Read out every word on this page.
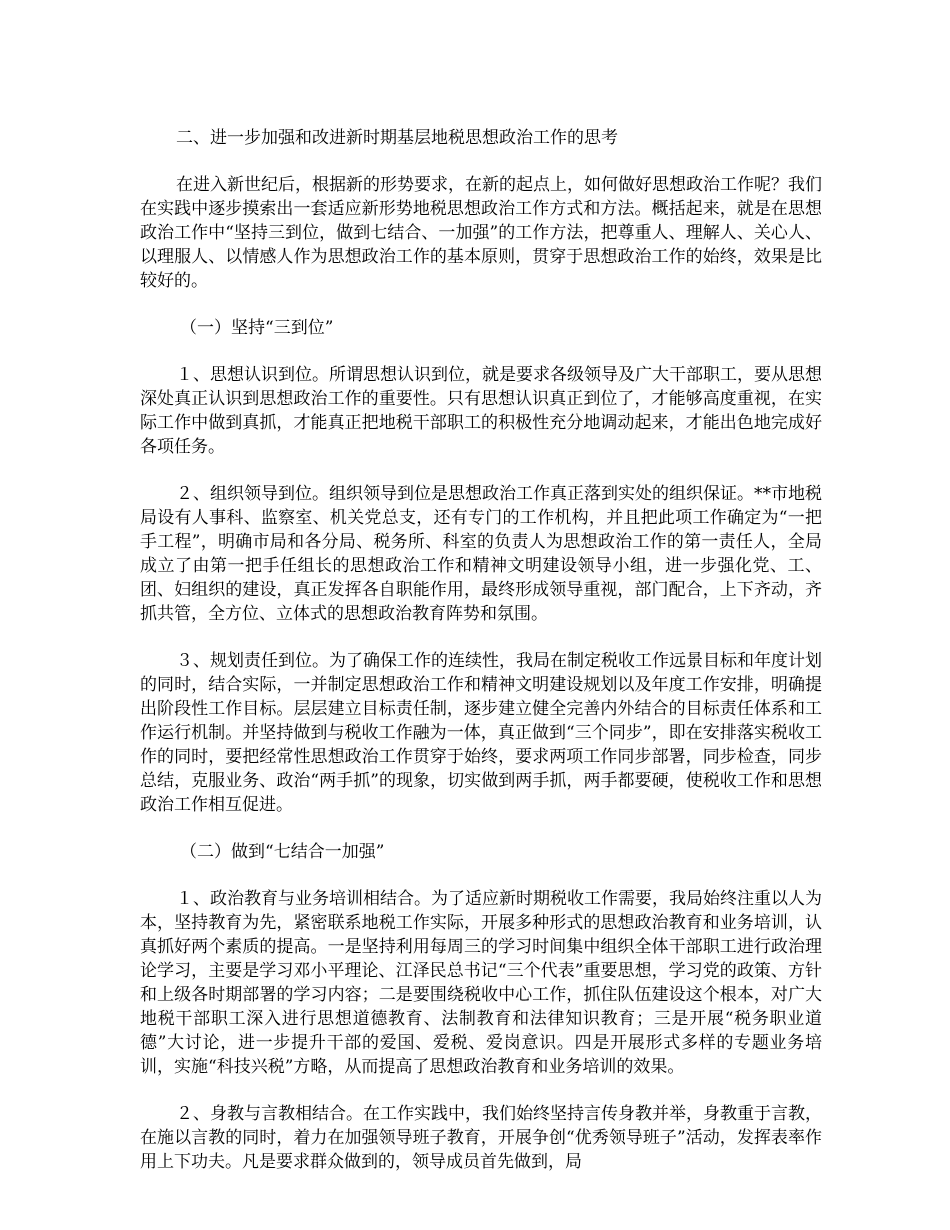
二、进一步加强和改进新时期基层地税思想政治工作的思考

在进入新世纪后，根据新的形势要求，在新的起点上，如何做好思想政治工作呢？我们在实践中逐步摸索出一套适应新形势地税思想政治工作方式和方法。概括起来，就是在思想政治工作中“坚持三到位，做到七结合、一加强”的工作方法，把尊重人、理解人、关心人、以理服人、以情感人作为思想政治工作的基本原则，贯穿于思想政治工作的始终，效果是比较好的。

（一）坚持“三到位”

１、思想认识到位。所谓思想认识到位，就是要求各级领导及广大干部职工，要从思想深处真正认识到思想政治工作的重要性。只有思想认识真正到位了，才能够高度重视，在实际工作中做到真抓，才能真正把地税干部职工的积极性充分地调动起来，才能出色地完成好各项任务。

２、组织领导到位。组织领导到位是思想政治工作真正落到实处的组织保证。**市地税局设有人事科、监察室、机关党总支，还有专门的工作机构，并且把此项工作确定为“一把手工程”，明确市局和各分局、税务所、科室的负责人为思想政治工作的第一责任人，全局成立了由第一把手任组长的思想政治工作和精神文明建设领导小组，进一步强化党、工、团、妇组织的建设，真正发挥各自职能作用，最终形成领导重视，部门配合，上下齐动，齐抓共管，全方位、立体式的思想政治教育阵势和氛围。

３、规划责任到位。为了确保工作的连续性，我局在制定税收工作远景目标和年度计划的同时，结合实际，一并制定思想政治工作和精神文明建设规划以及年度工作安排，明确提出阶段性工作目标。层层建立目标责任制，逐步建立健全完善内外结合的目标责任体系和工作运行机制。并坚持做到与税收工作融为一体，真正做到“三个同步”，即在安排落实税收工作的同时，要把经常性思想政治工作贯穿于始终，要求两项工作同步部署，同步检查，同步总结，克服业务、政治“两手抓”的现象，切实做到两手抓，两手都要硬，使税收工作和思想政治工作相互促进。

（二）做到“七结合一加强”

１、政治教育与业务培训相结合。为了适应新时期税收工作需要，我局始终注重以人为本，坚持教育为先，紧密联系地税工作实际，开展多种形式的思想政治教育和业务培训，认真抓好两个素质的提高。一是坚持利用每周三的学习时间集中组织全体干部职工进行政治理论学习，主要是学习邓小平理论、江泽民总书记“三个代表”重要思想，学习党的政策、方针和上级各时期部署的学习内容；二是要围绕税收中心工作，抓住队伍建设这个根本，对广大地税干部职工深入进行思想道德教育、法制教育和法律知识教育；三是开展“税务职业道德”大讨论，进一步提升干部的爱国、爱税、爱岗意识。四是开展形式多样的专题业务培训，实施“科技兴税”方略，从而提高了思想政治教育和业务培训的效果。

２、身教与言教相结合。在工作实践中，我们始终坚持言传身教并举，身教重于言教，在施以言教的同时，着力在加强领导班子教育，开展争创“优秀领导班子”活动，发挥表率作用上下功夫。凡是要求群众做到的，领导成员首先做到，局
